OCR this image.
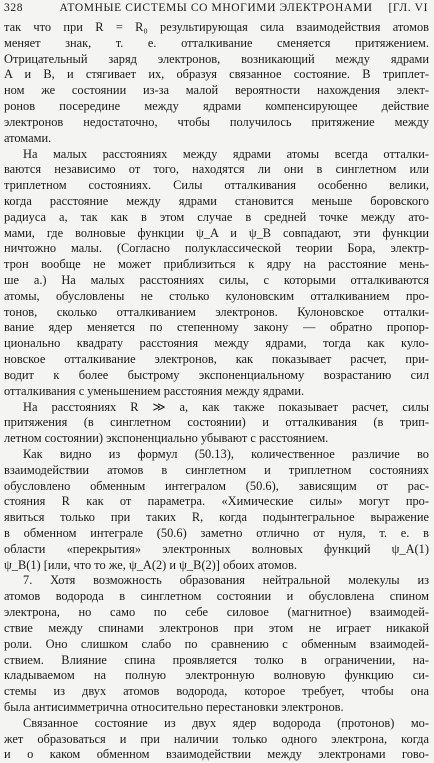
328	АТОМНЫЕ СИСТЕМЫ СО МНОГИМИ ЭЛЕКТРОНАМИ	[ГЛ. VI
так что при R = R₀ результирующая сила взаимодействия атомов
меняет знак, т. е. отталкивание сменяется притяжением.
Отрицательный заряд электронов, возникающий между ядрами
A и B, и стягивает их, образуя связанное состояние. В триплет-
ном же состоянии из-за малой вероятности нахождения элект-
ронов посередине между ядрами компенсирующее действие
электронов недостаточно, чтобы получилось притяжение между
атомами.
На малых расстояниях между ядрами атомы всегда отталки-
ваются независимо от того, находятся ли они в синглетном или
триплетном состояниях. Силы отталкивания особенно велики,
когда расстояние между ядрами становится меньше боровского
радиуса a, так как в этом случае в средней точке между ато-
мами, где волновые функции ψ_A и ψ_B совпадают, эти функции
ничтожно малы. (Согласно полуклассической теории Бора, электр-
трон вообще не может приблизиться к ядру на расстояние мень-
ше a.) На малых расстояниях силы, с которыми отталкиваются
атомы, обусловлены не столько кулоновским отталкиванием про-
тонов, сколько отталкиванием электронов. Кулоновское отталки-
вание ядер меняется по степенному закону — обратно пропор-
ционально квадрату расстояния между ядрами, тогда как куло-
новское отталкивание электронов, как показывает расчет, при-
водит к более быстрому экспоненциальному возрастанию сил
отталкивания с уменьшением расстояния между ядрами.
На расстояниях R ≫ a, как также показывает расчет, силы
притяжения (в синглетном состоянии) и отталкивания (в трип-
летном состоянии) экспоненциально убывают с расстоянием.
Как видно из формул (50.13), количественное различие во
взаимодействии атомов в синглетном и триплетном состояниях
обусловлено обменным интегралом (50.6), зависящим от рас-
стояния R как от параметра. «Химические силы» могут про-
явиться только при таких R, когда подынтегральное выражение
в обменном интеграле (50.6) заметно отлично от нуля, т. е. в
области «перекрытия» электронных волновых функций ψ_A(1)
ψ_B(1) [или, что то же, ψ_A(2) и ψ_B(2)] обоих атомов.
7. Хотя возможность образования нейтральной молекулы из
атомов водорода в синглетном состоянии и обусловлена спином
электрона, но само по себе силовое (магнитное) взаимодей-
ствие между спинами электронов при этом не играет никакой
роли. Оно слишком слабо по сравнению с обменным взаимодей-
ствием. Влияние спина проявляется толко в ограничении, на-
кладываемом на полную электронную волновую функцию си-
стемы из двух атомов водорода, которое требует, чтобы она
была антисимметрична относительно перестановки электронов.
Связанное состояние из двух ядер водорода (протонов) мо-
жет образоваться и при наличии только одного электрона, когда
и о каком обменном взаимодействии между электронами гово-
